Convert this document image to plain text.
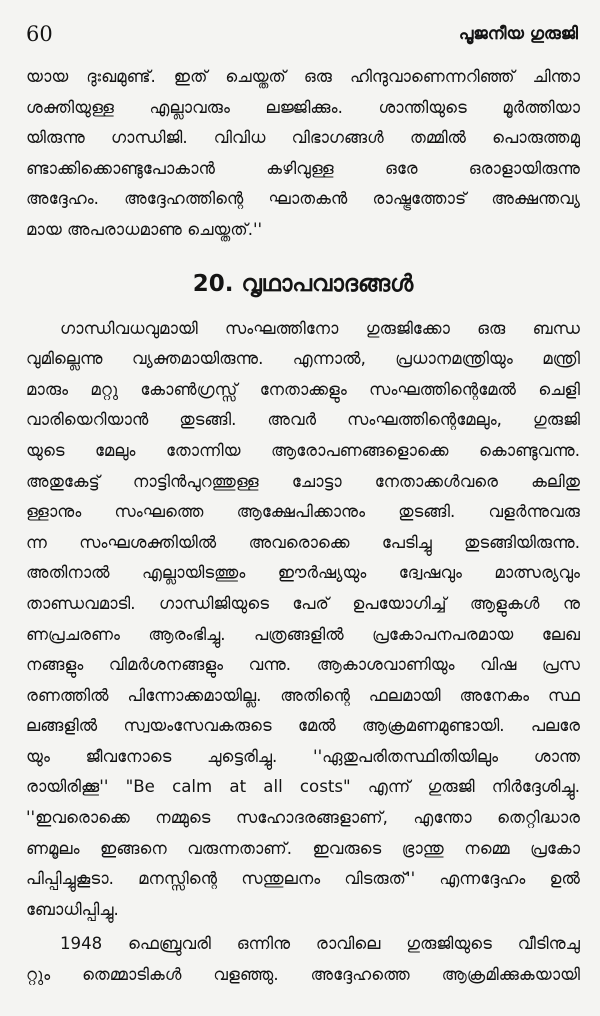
60	പൂജനീയ ഗുരുജി
യായ ദുഃഖമുണ്ട്. ഇത് ചെയ്തത് ഒരു ഹിന്ദുവാണെന്നറിഞ്ഞ് ചിന്താ
ശക്തിയുള്ള എല്ലാവരും ലജ്ജിക്കും. ശാന്തിയുടെ മൂർത്തിയാ
യിരുന്നു ഗാന്ധിജി. വിവിധ വിഭാഗങ്ങൾ തമ്മിൽ പൊരുത്തമു
ണ്ടാക്കിക്കൊണ്ടുപോകാൻ കഴിവുള്ള ഒരേ ഒരാളായിരുന്നു
അദ്ദേഹം. അദ്ദേഹത്തിന്റെ ഘാതകൻ രാഷ്ട്രത്തോട് അക്ഷന്തവ്യ
മായ അപരാധമാണു ചെയ്തത്.''
20. വൃഥാപവാദങ്ങൾ
ഗാന്ധിവധവുമായി സംഘത്തിനോ ഗുരുജിക്കോ ഒരു ബന്ധ
വുമില്ലെന്നു വ്യക്തമായിരുന്നു. എന്നാൽ, പ്രധാനമന്ത്രിയും മന്ത്രി
മാരും മറ്റു കോൺഗ്രസ്സ് നേതാക്കളും സംഘത്തിന്റെമേൽ ചെളി
വാരിയെറിയാൻ തുടങ്ങി. അവർ സംഘത്തിന്റെമേലും, ഗുരുജി
യുടെ മേലും തോന്നിയ ആരോപണങ്ങളൊക്കെ കൊണ്ടുവന്നു.
അതുകേട്ട് നാട്ടിൻപുറത്തുള്ള ചോട്ടാ നേതാക്കൾവരെ കലിതു
ള്ളാനും സംഘത്തെ ആക്ഷേപിക്കാനും തുടങ്ങി. വളർന്നുവരു
ന്ന സംഘശക്തിയിൽ അവരൊക്കെ പേടിച്ചു തുടങ്ങിയിരുന്നു.
അതിനാൽ എല്ലായിടത്തും ഈർഷ്യയും ദ്വേഷവും മാത്സര്യവും
താണ്ഡവമാടി. ഗാന്ധിജിയുടെ പേര് ഉപയോഗിച്ച് ആളുകൾ നു
ണപ്രചരണം ആരംഭിച്ചു. പത്രങ്ങളിൽ പ്രകോപനപരമായ ലേഖ
നങ്ങളും വിമർശനങ്ങളും വന്നു. ആകാശവാണിയും വിഷ പ്രസ
രണത്തിൽ പിന്നോക്കമായില്ല. അതിന്റെ ഫലമായി അനേകം സ്ഥ
ലങ്ങളിൽ സ്വയംസേവകരുടെ മേൽ ആക്രമണമുണ്ടായി. പലരേ
യും ജീവനോടെ ചുട്ടെരിച്ചു. ''ഏതുപരിതസ്ഥിതിയിലും ശാന്ത
രായിരിക്കൂ'' "Be calm at all costs" എന്ന് ഗുരുജി നിർദ്ദേശിച്ചു.
''ഇവരൊക്കെ നമ്മുടെ സഹോദരങ്ങളാണ്, എന്തോ തെറ്റിദ്ധാര
ണമൂലം ഇങ്ങനെ വരുന്നതാണ്. ഇവരുടെ ഭ്രാന്തു നമ്മെ പ്രകോ
പിപ്പിച്ചുകൂടാ. മനസ്സിന്റെ സന്തുലനം വിടരുത്'' എന്നദ്ദേഹം ഉൽ
ബോധിപ്പിച്ചു.
1948 ഫെബ്രുവരി ഒന്നിനു രാവിലെ ഗുരുജിയുടെ വീടിനുചു
റ്റും തെമ്മാടികൾ വളഞ്ഞു. അദ്ദേഹത്തെ ആക്രമിക്കുകയായി
